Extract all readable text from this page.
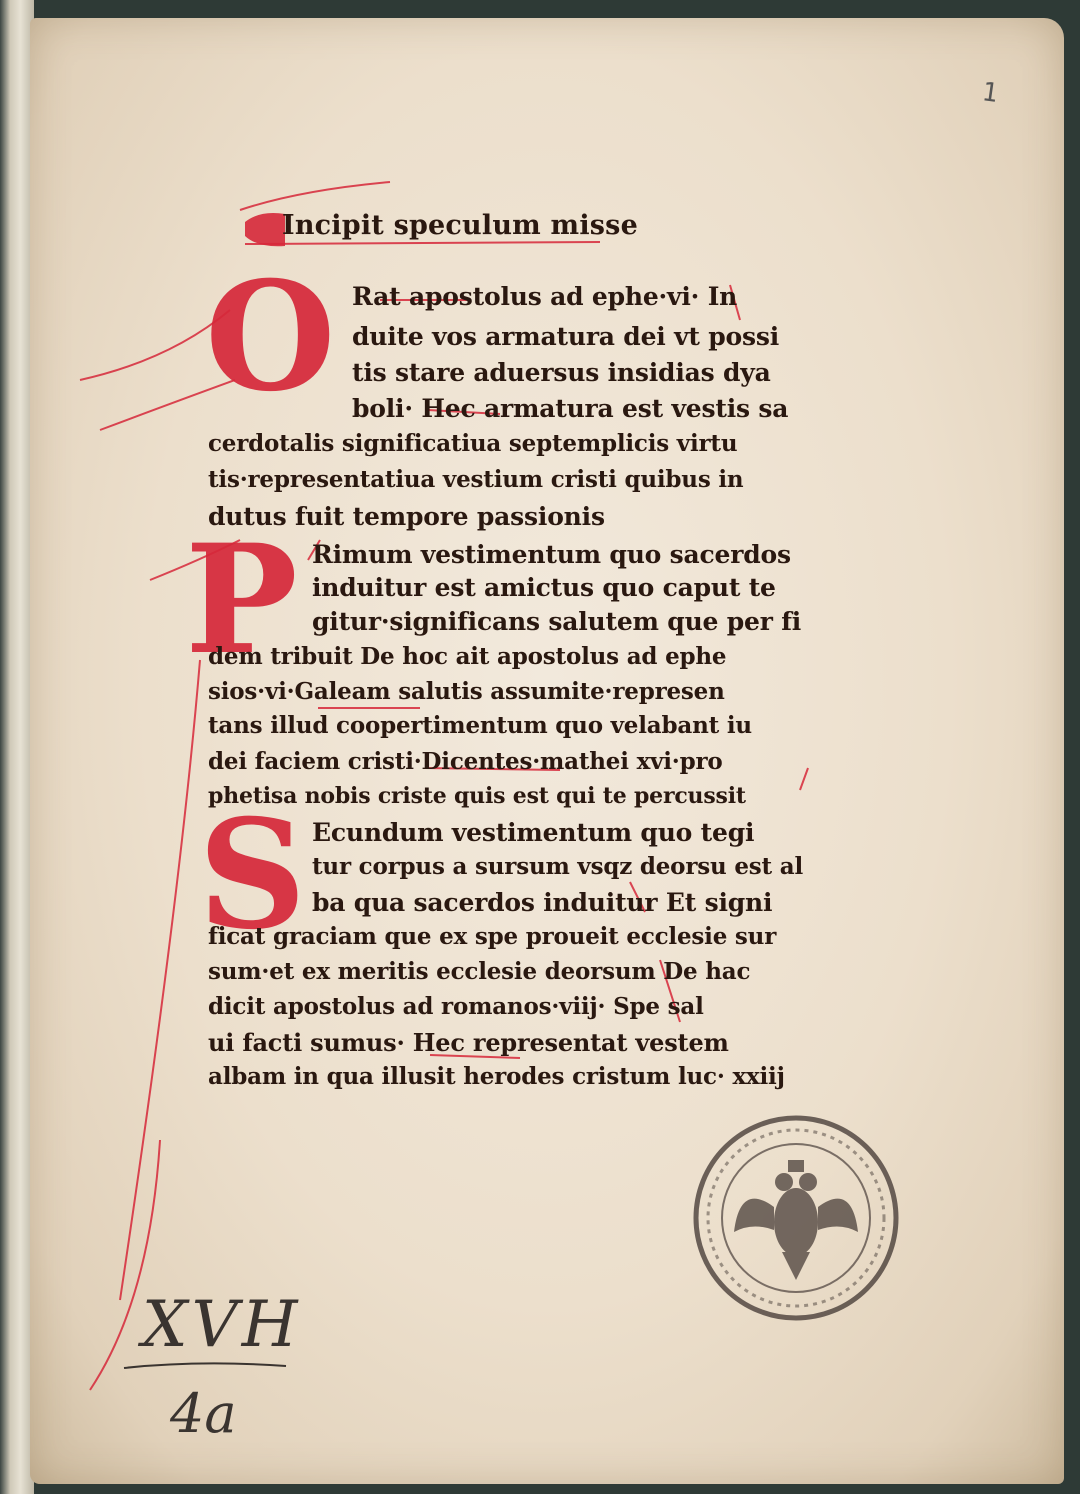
1
Incipit speculum misse
O
P
S
Rat apostolus ad ephe·vi· In
duite vos armatura dei vt possi
tis stare aduersus insidias dya
boli· Hec armatura est vestis sa
cerdotalis significatiua septemplicis virtu
tis·representatiua vestium cristi quibus in
dutus fuit tempore passionis
Rimum vestimentum quo sacerdos
induitur est amictus quo caput te
gitur·significans salutem que per fi
dem tribuit De hoc ait apostolus ad ephe
sios·vi·Galeam salutis assumite·represen
tans illud coopertimentum quo velabant iu
dei faciem cristi·Dicentes·mathei xvi·pro
phetisa nobis criste quis est qui te percussit
Ecundum vestimentum quo tegi
tur corpus a sursum vsqz deorsu est al
ba qua sacerdos induitur Et signi
ficat graciam que ex spe proueit ecclesie sur
sum·et ex meritis ecclesie deorsum De hac
dicit apostolus ad romanos·viij· Spe sal
ui facti sumus· Hec representat vestem
albam in qua illusit herodes cristum luc· xxiij
XVH
4a
